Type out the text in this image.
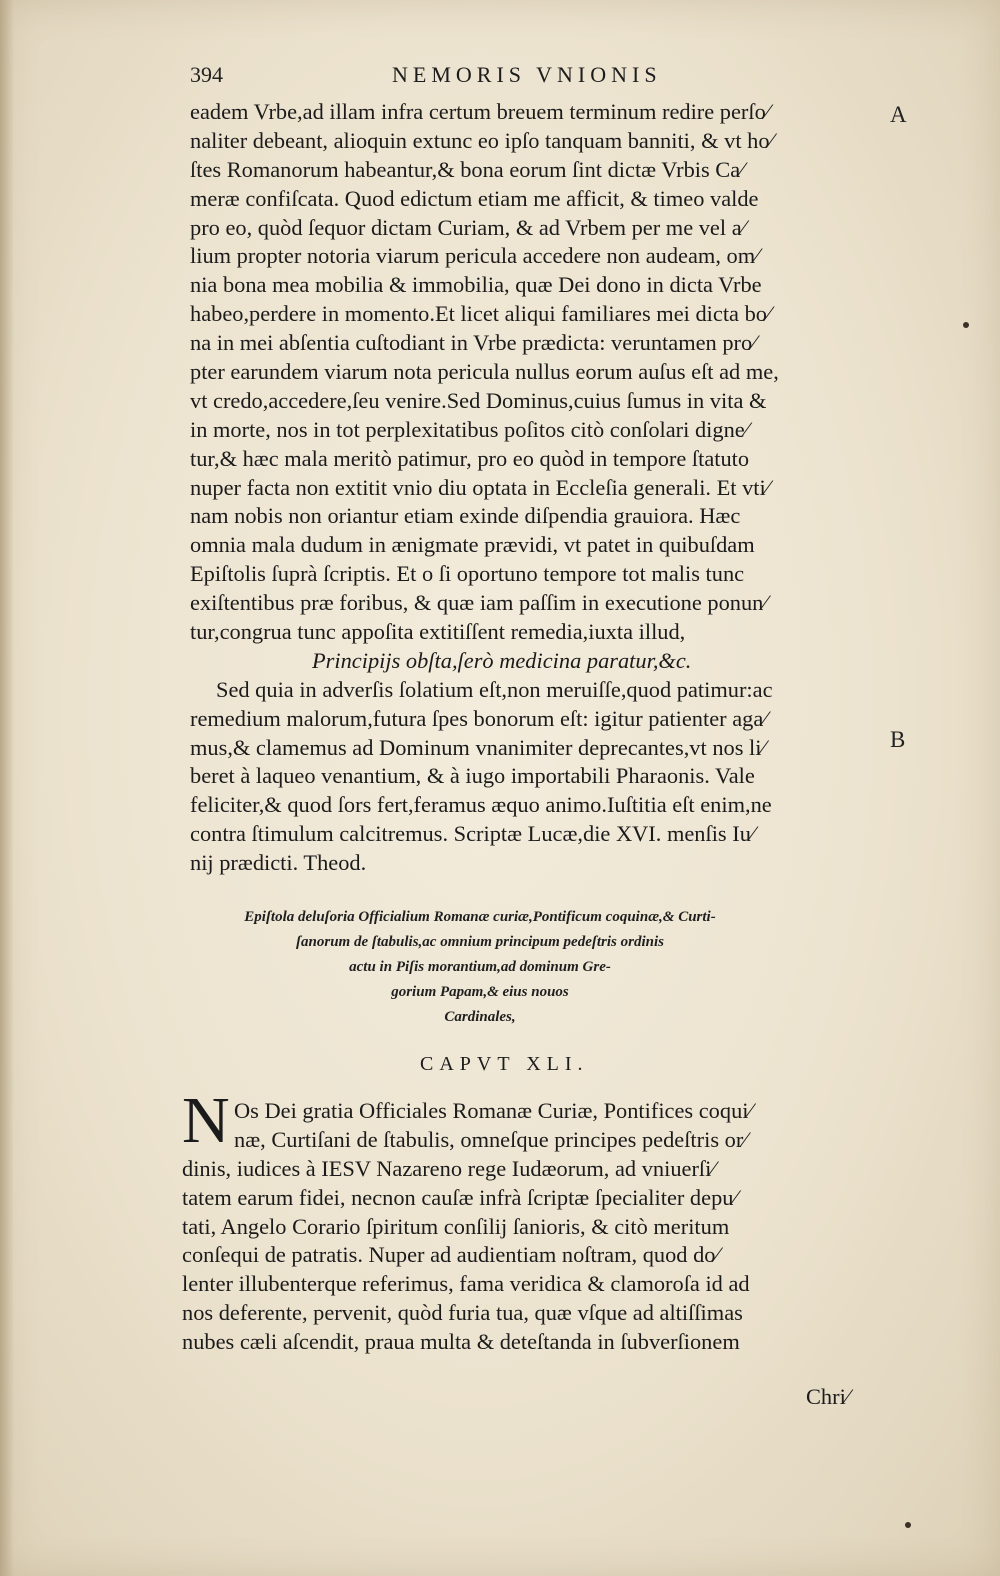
394	NEMORIS VNIONIS
A
B
eadem Vrbe,ad illam infra certum breuem terminum redire perſo⁄
naliter debeant, alioquin extunc eo ipſo tanquam banniti, & vt ho⁄
ſtes Romanorum habeantur,& bona eorum ſint dictæ Vrbis Ca⁄
meræ confiſcata. Quod edictum etiam me afficit, & timeo valde
pro eo, quòd ſequor dictam Curiam, & ad Vrbem per me vel a⁄
lium propter notoria viarum pericula accedere non audeam, om⁄
nia bona mea mobilia & immobilia, quæ Dei dono in dicta Vrbe
habeo,perdere in momento.Et licet aliqui familiares mei dicta bo⁄
na in mei abſentia cuſtodiant in Vrbe prædicta: veruntamen pro⁄
pter earundem viarum nota pericula nullus eorum auſus eſt ad me,
vt credo,accedere,ſeu venire.Sed Dominus,cuius ſumus in vita &
in morte, nos in tot perplexitatibus poſitos citò conſolari digne⁄
tur,& hæc mala meritò patimur, pro eo quòd in tempore ſtatuto
nuper facta non extitit vnio diu optata in Eccleſia generali. Et vti⁄
nam nobis non oriantur etiam exinde diſpendia grauiora. Hæc
omnia mala dudum in ænigmate prævidi, vt patet in quibuſdam
Epiſtolis ſuprà ſcriptis. Et o ſi oportuno tempore tot malis tunc
exiſtentibus præ foribus, & quæ iam paſſim in executione ponun⁄
tur,congrua tunc appoſita extitiſſent remedia,iuxta illud,
Principijs obſta,ſerò medicina paratur,&c.
Sed quia in adverſis ſolatium eſt,non meruiſſe,quod patimur:ac
remedium malorum,futura ſpes bonorum eſt: igitur patienter aga⁄
mus,& clamemus ad Dominum vnanimiter deprecantes,vt nos li⁄
beret à laqueo venantium, & à iugo importabili Pharaonis. Vale
feliciter,& quod ſors fert,feramus æquo animo.Iuſtitia eſt enim,ne
contra ſtimulum calcitremus. Scriptæ Lucæ,die XVI. menſis Iu⁄
nij prædicti. Theod.
Epiſtola deluſoria Officialium Romanæ curiæ,Pontificum coquinæ,& Curti-
ſanorum de ſtabulis,ac omnium principum pedeſtris ordinis
actu in Piſis morantium,ad dominum Gre-
gorium Papam,& eius nouos
Cardinales,
CAPVT XLI.
N Os Dei gratia Officiales Romanæ Curiæ, Pontifices coqui⁄
næ, Curtiſani de ſtabulis, omneſque principes pedeſtris or⁄
dinis, iudices à IESV Nazareno rege Iudæorum, ad vniuerſi⁄
tatem earum fidei, necnon cauſæ infrà ſcriptæ ſpecialiter depu⁄
tati, Angelo Corario ſpiritum conſilij ſanioris, & citò meritum
conſequi de patratis. Nuper ad audientiam noſtram, quod do⁄
lenter illubenterque referimus, fama veridica & clamoroſa id ad
nos deferente, pervenit, quòd furia tua, quæ vſque ad altiſſimas
nubes cæli aſcendit, praua multa & deteſtanda in ſubverſionem
Chri⁄
